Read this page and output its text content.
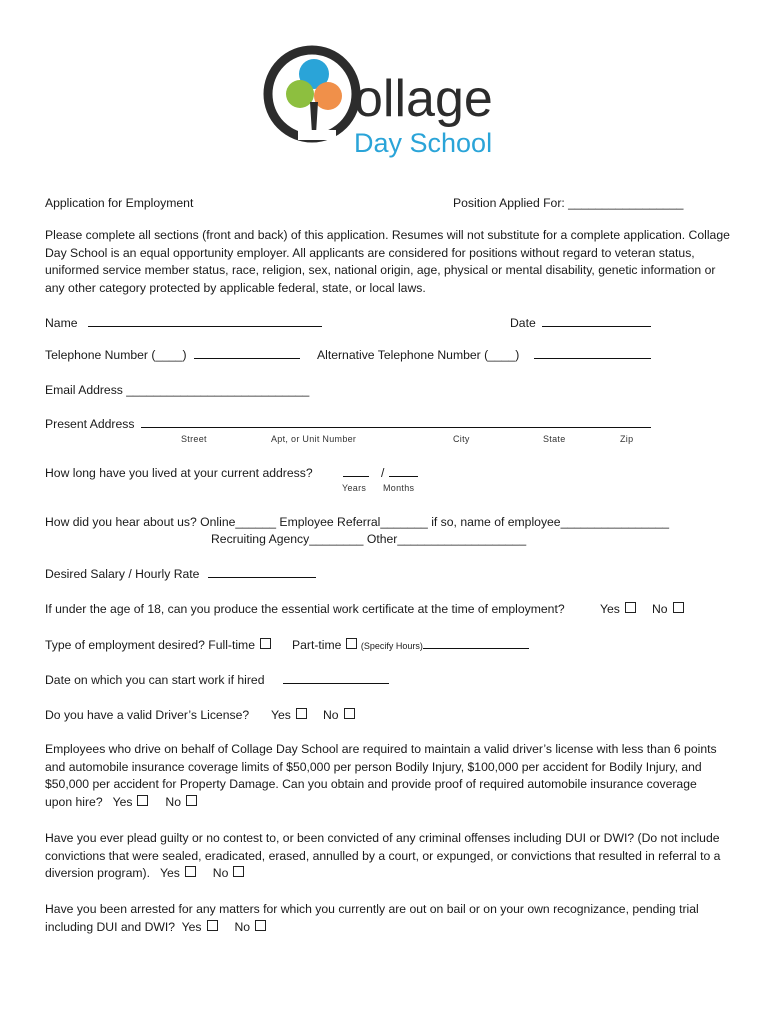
ollage
Day School
Application for Employment	Position Applied For: _________________
Please complete all sections (front and back) of this application. Resumes will not substitute for a complete application. Collage Day School is an equal opportunity employer. All applicants are considered for positions without regard to veteran status, uniformed service member status, race, religion, sex, national origin, age, physical or mental disability, genetic information or any other category protected by applicable federal, state, or local laws.
Name	Date
Telephone Number (____)	Alternative Telephone Number (____)
Email Address ___________________________
Present Address
Street	Apt, or Unit Number	City	State	Zip
How long have you lived at your current address?	/
Years Months
How did you hear about us? Online______ Employee Referral_______ if so, name of employee________________
Recruiting Agency________ Other___________________
Desired Salary / Hourly Rate
If under the age of 18, can you produce the essential work certificate at the time of employment?	Yes	No
Type of employment desired? Full-time	Part-time (Specify Hours)
Date on which you can start work if hired
Do you have a valid Driver’s License? Yes	No
Employees who drive on behalf of Collage Day School are required to maintain a valid driver’s license with less than 6 points and automobile insurance coverage limits of $50,000 per person Bodily Injury, $100,000 per accident for Bodily Injury, and $50,000 per accident for Property Damage. Can you obtain and provide proof of required automobile insurance coverage upon hire? Yes	No
Have you ever plead guilty or no contest to, or been convicted of any criminal offenses including DUI or DWI? (Do not include convictions that were sealed, eradicated, erased, annulled by a court, or expunged, or convictions that resulted in referral to a diversion program). Yes	No
Have you been arrested for any matters for which you currently are out on bail or on your own recognizance, pending trial including DUI and DWI? Yes	No
